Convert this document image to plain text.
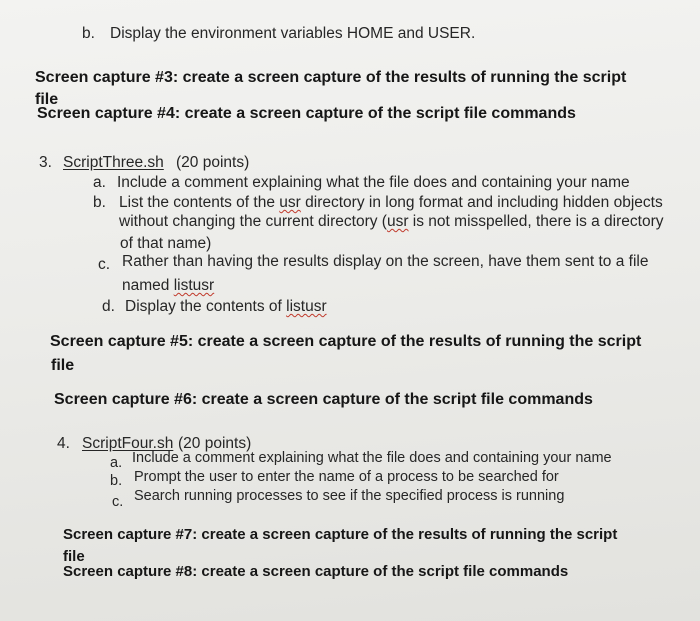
b. Display the environment variables HOME and USER.
Screen capture #3: create a screen capture of the results of running the script
file
Screen capture #4: create a screen capture of the script file commands
3. ScriptThree.sh (20 points)
a. Include a comment explaining what the file does and containing your name
b. List the contents of the usr directory in long format and including hidden objects
without changing the current directory (usr is not misspelled, there is a directory
of that name)
c. Rather than having the results display on the screen, have them sent to a file
named listusr
d. Display the contents of listusr
Screen capture #5: create a screen capture of the results of running the script
file
Screen capture #6: create a screen capture of the script file commands
4. ScriptFour.sh (20 points)
a. Include a comment explaining what the file does and containing your name
b. Prompt the user to enter the name of a process to be searched for
c. Search running processes to see if the specified process is running
Screen capture #7: create a screen capture of the results of running the script
file
Screen capture #8: create a screen capture of the script file commands
